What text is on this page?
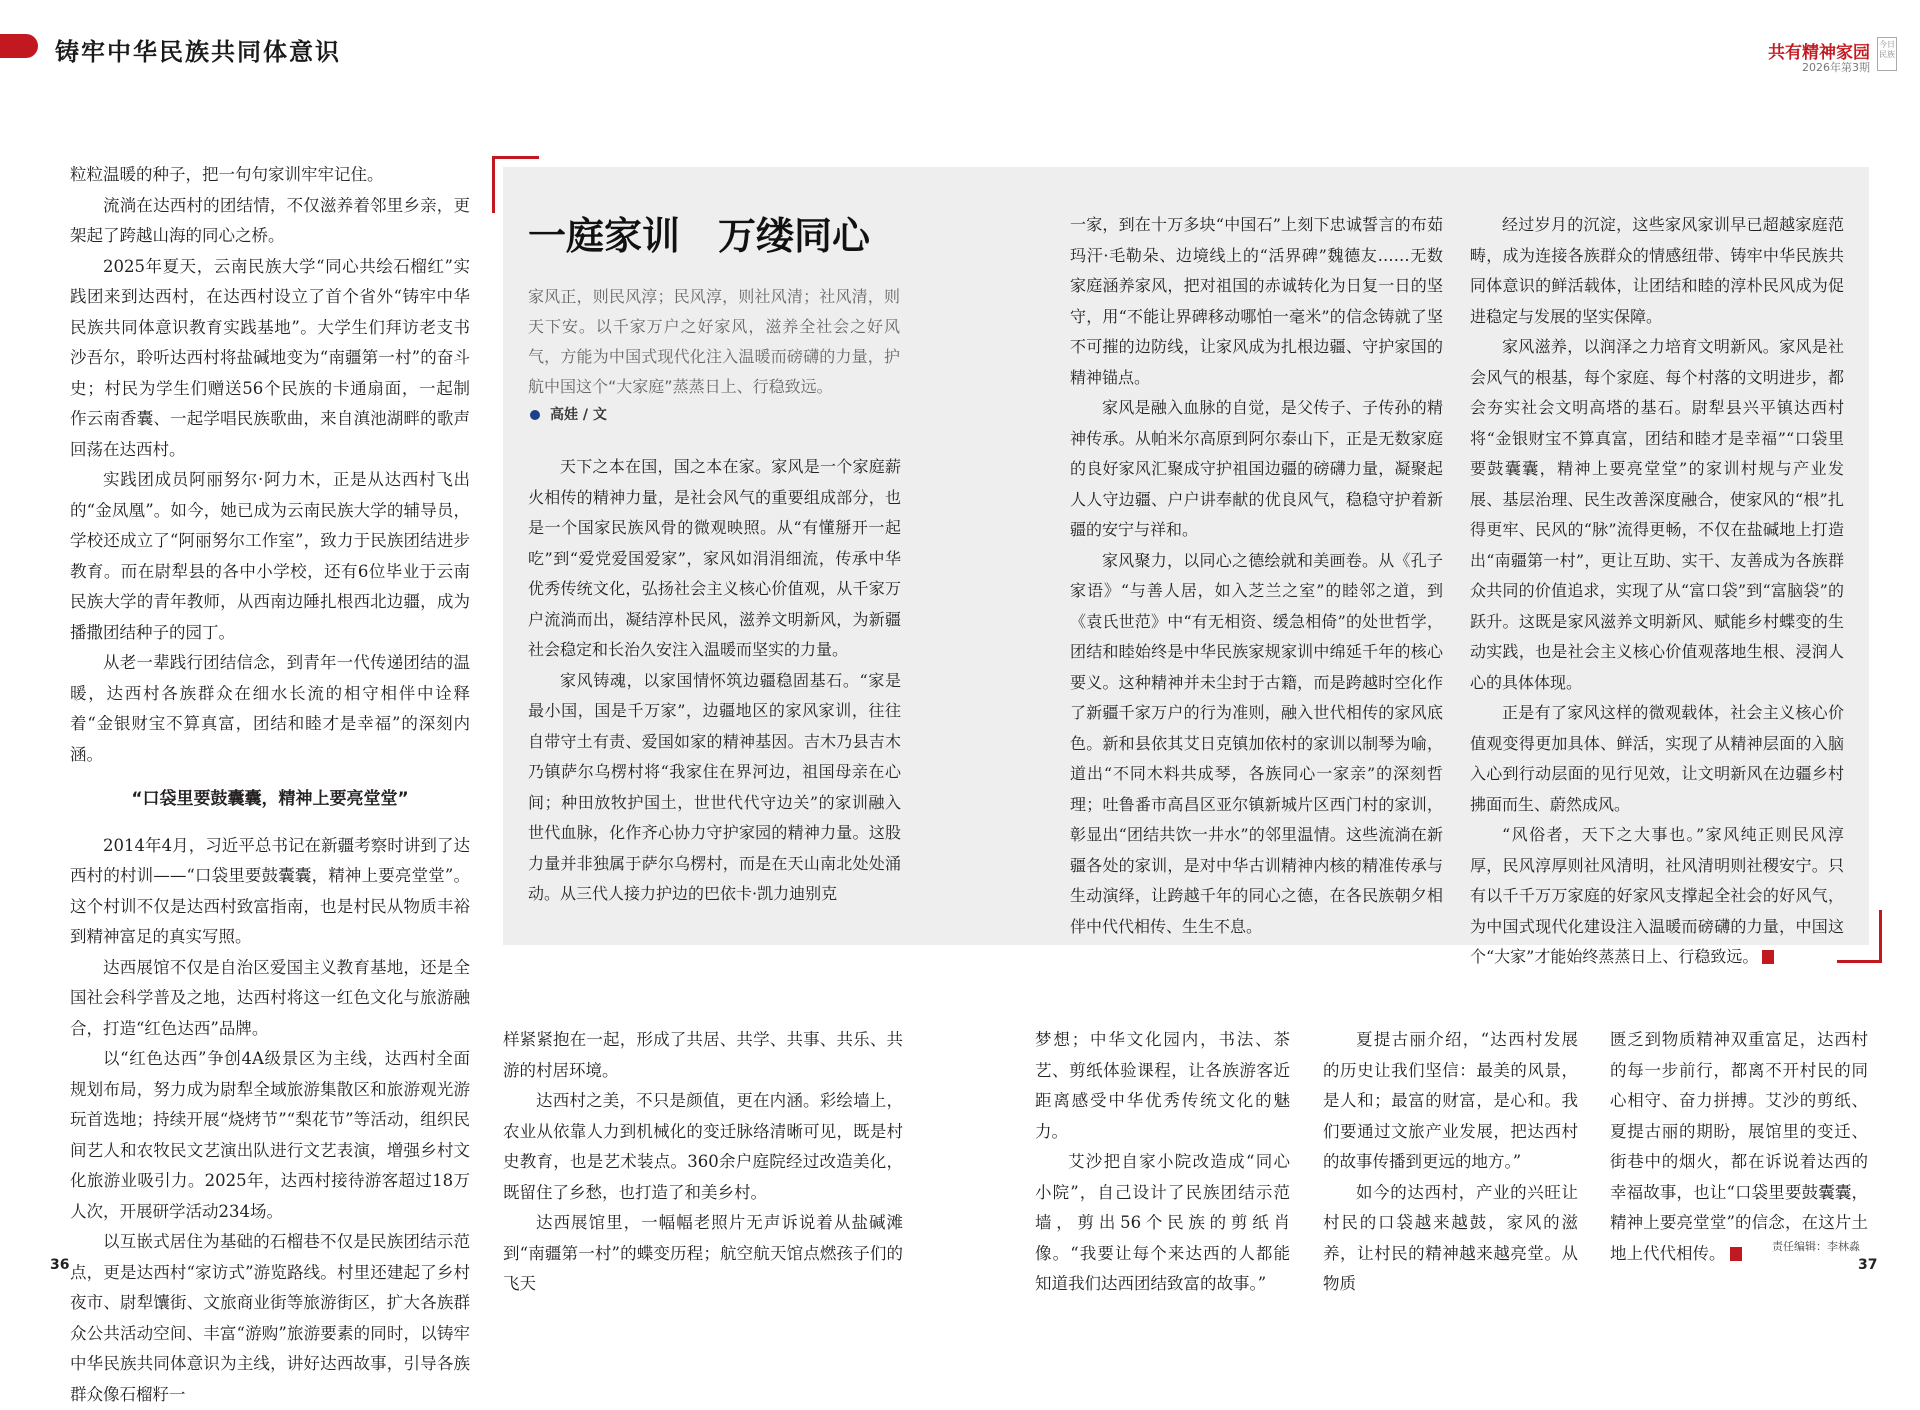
铸牢中华民族共同体意识	共有精神家园
2026年第3期
今日民族

粒粒温暖的种子，把一句句家训牢牢记住。

流淌在达西村的团结情，不仅滋养着邻里乡亲，更架起了跨越山海的同心之桥。

2025年夏天，云南民族大学“同心共绘石榴红”实践团来到达西村，在达西村设立了首个省外“铸牢中华民族共同体意识教育实践基地”。大学生们拜访老支书沙吾尔，聆听达西村将盐碱地变为“南疆第一村”的奋斗史；村民为学生们赠送56个民族的卡通扇面，一起制作云南香囊、一起学唱民族歌曲，来自滇池湖畔的歌声回荡在达西村。

实践团成员阿丽努尔·阿力木，正是从达西村飞出的“金凤凰”。如今，她已成为云南民族大学的辅导员，学校还成立了“阿丽努尔工作室”，致力于民族团结进步教育。而在尉犁县的各中小学校，还有6位毕业于云南民族大学的青年教师，从西南边陲扎根西北边疆，成为播撒团结种子的园丁。

从老一辈践行团结信念，到青年一代传递团结的温暖，达西村各族群众在细水长流的相守相伴中诠释着“金银财宝不算真富，团结和睦才是幸福”的深刻内涵。

“口袋里要鼓囊囊，精神上要亮堂堂”

2014年4月，习近平总书记在新疆考察时讲到了达西村的村训——“口袋里要鼓囊囊，精神上要亮堂堂”。这个村训不仅是达西村致富指南，也是村民从物质丰裕到精神富足的真实写照。

达西展馆不仅是自治区爱国主义教育基地，还是全国社会科学普及之地，达西村将这一红色文化与旅游融合，打造“红色达西”品牌。

以“红色达西”争创4A级景区为主线，达西村全面规划布局，努力成为尉犁全域旅游集散区和旅游观光游玩首选地；持续开展“烧烤节”“梨花节”等活动，组织民间艺人和农牧民文艺演出队进行文艺表演，增强乡村文化旅游业吸引力。2025年，达西村接待游客超过18万人次，开展研学活动234场。

以互嵌式居住为基础的石榴巷不仅是民族团结示范点，更是达西村“家访式”游览路线。村里还建起了乡村夜市、尉犁馕街、文旅商业街等旅游街区，扩大各族群众公共活动空间、丰富“游购”旅游要素的同时，以铸牢中华民族共同体意识为主线，讲好达西故事，引导各族群众像石榴籽一

一庭家训　万缕同心
家风正，则民风淳；民风淳，则社风清；社风清，则天下安。以千家万户之好家风，滋养全社会之好风气，方能为中国式现代化注入温暖而磅礴的力量，护航中国这个“大家庭”蒸蒸日上、行稳致远。
高娃 / 文

天下之本在国，国之本在家。家风是一个家庭薪火相传的精神力量，是社会风气的重要组成部分，也是一个国家民族风骨的微观映照。从“有懂掰开一起吃”到“爱党爱国爱家”，家风如涓涓细流，传承中华优秀传统文化，弘扬社会主义核心价值观，从千家万户流淌而出，凝结淳朴民风，滋养文明新风，为新疆社会稳定和长治久安注入温暖而坚实的力量。

家风铸魂，以家国情怀筑边疆稳固基石。“家是最小国，国是千万家”，边疆地区的家风家训，往往自带守土有责、爱国如家的精神基因。吉木乃县吉木乃镇萨尔乌楞村将“我家住在界河边，祖国母亲在心间；种田放牧护国土，世世代代守边关”的家训融入世代血脉，化作齐心协力守护家园的精神力量。这股力量并非独属于萨尔乌楞村，而是在天山南北处处涌动。从三代人接力护边的巴依卡·凯力迪别克

一家，到在十万多块“中国石”上刻下忠诚誓言的布茹玛汗·毛勒朵、边境线上的“活界碑”魏德友……无数家庭涵养家风，把对祖国的赤诚转化为日复一日的坚守，用“不能让界碑移动哪怕一毫米”的信念铸就了坚不可摧的边防线，让家风成为扎根边疆、守护家国的精神锚点。

家风是融入血脉的自觉，是父传子、子传孙的精神传承。从帕米尔高原到阿尔泰山下，正是无数家庭的良好家风汇聚成守护祖国边疆的磅礴力量，凝聚起人人守边疆、户户讲奉献的优良风气，稳稳守护着新疆的安宁与祥和。

家风聚力，以同心之德绘就和美画卷。从《孔子家语》“与善人居，如入芝兰之室”的睦邻之道，到《袁氏世范》中“有无相资、缓急相倚”的处世哲学，团结和睦始终是中华民族家规家训中绵延千年的核心要义。这种精神并未尘封于古籍，而是跨越时空化作了新疆千家万户的行为准则，融入世代相传的家风底色。新和县依其艾日克镇加依村的家训以制琴为喻，道出“不同木料共成琴，各族同心一家亲”的深刻哲理；吐鲁番市高昌区亚尔镇新城片区西门村的家训，彰显出“团结共饮一井水”的邻里温情。这些流淌在新疆各处的家训，是对中华古训精神内核的精准传承与生动演绎，让跨越千年的同心之德，在各民族朝夕相伴中代代相传、生生不息。

经过岁月的沉淀，这些家风家训早已超越家庭范畴，成为连接各族群众的情感纽带、铸牢中华民族共同体意识的鲜活载体，让团结和睦的淳朴民风成为促进稳定与发展的坚实保障。

家风滋养，以润泽之力培育文明新风。家风是社会风气的根基，每个家庭、每个村落的文明进步，都会夯实社会文明高塔的基石。尉犁县兴平镇达西村将“金银财宝不算真富，团结和睦才是幸福”“口袋里要鼓囊囊，精神上要亮堂堂”的家训村规与产业发展、基层治理、民生改善深度融合，使家风的“根”扎得更牢、民风的“脉”流得更畅，不仅在盐碱地上打造出“南疆第一村”，更让互助、实干、友善成为各族群众共同的价值追求，实现了从“富口袋”到“富脑袋”的跃升。这既是家风滋养文明新风、赋能乡村蝶变的生动实践，也是社会主义核心价值观落地生根、浸润人心的具体体现。

正是有了家风这样的微观载体，社会主义核心价值观变得更加具体、鲜活，实现了从精神层面的入脑入心到行动层面的见行见效，让文明新风在边疆乡村拂面而生、蔚然成风。

“风俗者，天下之大事也。”家风纯正则民风淳厚，民风淳厚则社风清明，社风清明则社稷安宁。只有以千千万万家庭的好家风支撑起全社会的好风气，为中国式现代化建设注入温暖而磅礴的力量，中国这个“大家”才能始终蒸蒸日上、行稳致远。

样紧紧抱在一起，形成了共居、共学、共事、共乐、共游的村居环境。

达西村之美，不只是颜值，更在内涵。彩绘墙上，农业从依靠人力到机械化的变迁脉络清晰可见，既是村史教育，也是艺术装点。360余户庭院经过改造美化，既留住了乡愁，也打造了和美乡村。

达西展馆里，一幅幅老照片无声诉说着从盐碱滩到“南疆第一村”的蝶变历程；航空航天馆点燃孩子们的飞天

梦想；中华文化园内，书法、茶艺、剪纸体验课程，让各族游客近距离感受中华优秀传统文化的魅力。

艾沙把自家小院改造成“同心小院”，自己设计了民族团结示范墙，剪出56个民族的剪纸肖像。“我要让每个来达西的人都能知道我们达西团结致富的故事。”

夏提古丽介绍，“达西村发展的历史让我们坚信：最美的风景，是人和；最富的财富，是心和。我们要通过文旅产业发展，把达西村的故事传播到更远的地方。”

如今的达西村，产业的兴旺让村民的口袋越来越鼓，家风的滋养，让村民的精神越来越亮堂。从物质

匮乏到物质精神双重富足，达西村的每一步前行，都离不开村民的同心相守、奋力拼搏。艾沙的剪纸、夏提古丽的期盼，展馆里的变迁、街巷中的烟火，都在诉说着达西的幸福故事，也让“口袋里要鼓囊囊，精神上要亮堂堂”的信念，在这片土地上代代相传。

36
责任编辑：李林淼
37
